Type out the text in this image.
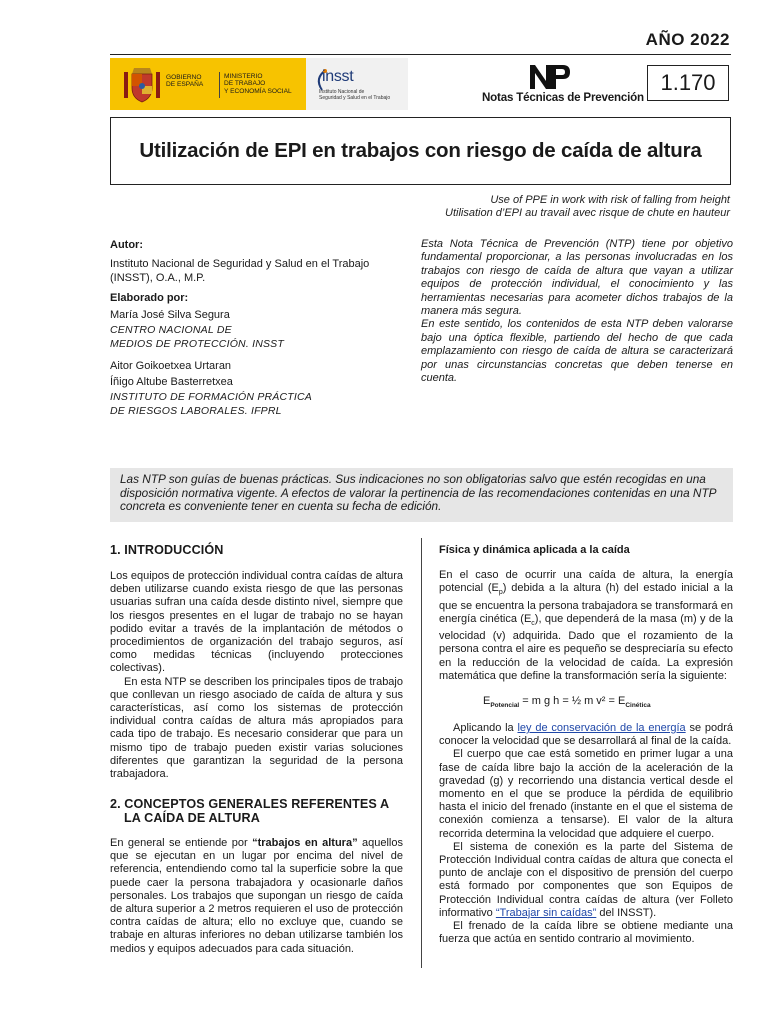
AÑO 2022
GOBIERNO
DE ESPAÑA
MINISTERIO
DE TRABAJO
Y ECONOMÍA SOCIAL
insst
Instituto Nacional de
Seguridad y Salud en el Trabajo	Notas Técnicas de Prevención
1.170
Utilización de EPI en trabajos con riesgo de caída de altura
Use of PPE in work with risk of falling from height
Utilisation d’EPI au travail avec risque de chute en hauteur
Autor:
Instituto Nacional de Seguridad y Salud en el Trabajo (INSST), O.A., M.P.
Elaborado por:
María José Silva Segura
CENTRO NACIONAL DE
MEDIOS DE PROTECCIÓN. INSST
Aitor Goikoetxea Urtaran
Íñigo Altube Basterretxea
INSTITUTO DE FORMACIÓN PRÁCTICA
DE RIESGOS LABORALES. IFPRL

Esta Nota Técnica de Prevención (NTP) tiene por objetivo fundamental proporcionar, a las personas involucradas en los trabajos con riesgo de caída de altura que vayan a utilizar equipos de protección individual, el conocimiento y las herramientas necesarias para acometer dichos trabajos de la manera más segura.

En este sentido, los contenidos de esta NTP deben valorarse bajo una óptica flexible, partiendo del hecho de que cada emplazamiento con riesgo de caída de altura se caracterizará por unas circunstancias concretas que deben tenerse en cuenta.

Las NTP son guías de buenas prácticas. Sus indicaciones no son obligatorias salvo que estén recogidas en una disposición normativa vigente. A efectos de valorar la pertinencia de las recomendaciones contenidas en una NTP concreta es conveniente tener en cuenta su fecha de edición.
1. INTRODUCCIÓN

Los equipos de protección individual contra caídas de altura deben utilizarse cuando exista riesgo de que las personas usuarias sufran una caída desde distinto nivel, siempre que los riesgos presentes en el lugar de trabajo no se hayan podido evitar a través de la implantación de métodos o procedimientos de organización del trabajo seguros, así como medidas técnicas (incluyendo protecciones colectivas).

En esta NTP se describen los principales tipos de trabajo que conllevan un riesgo asociado de caída de altura y sus características, así como los sistemas de protección individual contra caídas de altura más apropiados para cada tipo de trabajo. Es necesario considerar que para un mismo tipo de trabajo pueden existir varias soluciones diferentes que garantizan la seguridad de la persona trabajadora.

2. CONCEPTOS GENERALES REFERENTES A
LA CAÍDA DE ALTURA

En general se entiende por “trabajos en altura” aquellos que se ejecutan en un lugar por encima del nivel de referencia, entendiendo como tal la superficie sobre la que puede caer la persona trabajadora y ocasionarle daños personales. Los trabajos que supongan un riesgo de caída de altura superior a 2 metros requieren el uso de protección contra caídas de altura; ello no excluye que, cuando se trabaje en alturas inferiores no deban utilizarse también los medios y equipos adecuados para cada situación.

Física y dinámica aplicada a la caída

En el caso de ocurrir una caída de altura, la energía potencial $(E_p)$ debida a la altura (h) del estado inicial a la que se encuentra la persona trabajadora se transformará en energía cinética $(E_c)$, que dependerá de la masa (m) y de la velocidad (v) adquirida. Dado que el rozamiento de la persona contra el aire es pequeño se despreciaría su efecto en la reducción de la velocidad de caída. La expresión matemática que define la transformación sería la siguiente:

$E_{Potencial} = m$ g h = ½ m $v^2 = E_{Cinética}$

Aplicando la ley de conservación de la energía se podrá conocer la velocidad que se desarrollará al final de la caída.

El cuerpo que cae está sometido en primer lugar a una fase de caída libre bajo la acción de la aceleración de la gravedad (g) y recorriendo una distancia vertical desde el momento en el que se produce la pérdida de equilibrio hasta el inicio del frenado (instante en el que el sistema de conexión comienza a tensarse). El valor de la altura recorrida determina la velocidad que adquiere el cuerpo.

El sistema de conexión es la parte del Sistema de Protección Individual contra caídas de altura que conecta el punto de anclaje con el dispositivo de prensión del cuerpo está formado por componentes que son Equipos de Protección Individual contra caídas de altura (ver Folleto informativo “Trabajar sin caídas” del INSST).

El frenado de la caída libre se obtiene mediante una fuerza que actúa en sentido contrario al movimiento.
